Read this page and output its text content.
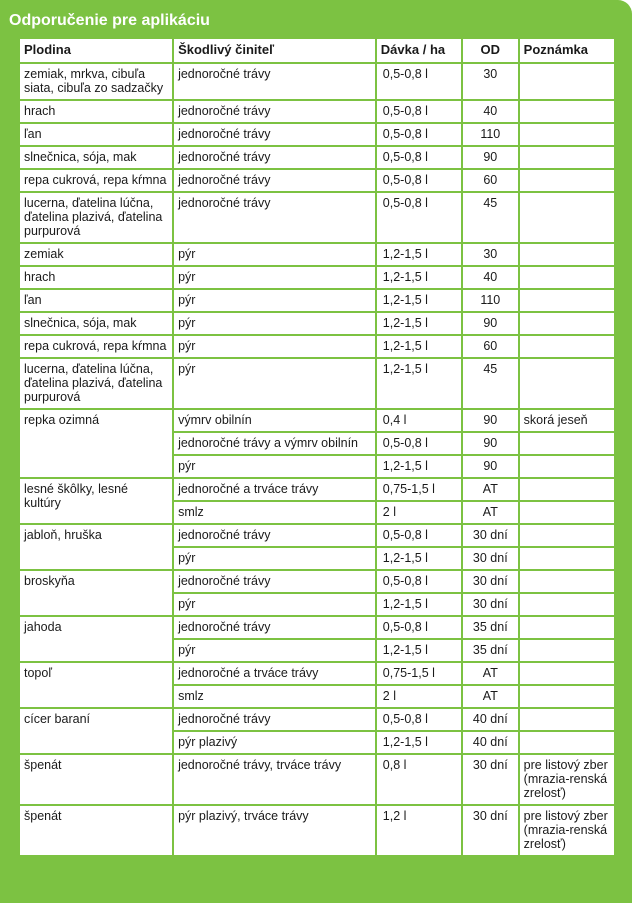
Odporučenie pre aplikáciu
Plodina	Škodlivý činiteľ	Dávka / ha	OD	Poznámka
zemiak, mrkva, cibuľa siata, cibuľa zo sadzačky	jednoročné trávy	0,5-0,8 l	30	
hrach	jednoročné trávy	0,5-0,8 l	40	
ľan	jednoročné trávy	0,5-0,8 l	110	
slnečnica, sója, mak	jednoročné trávy	0,5-0,8 l	90	
repa cukrová, repa kŕmna	jednoročné trávy	0,5-0,8 l	60	
lucerna, ďatelina lúčna, ďatelina plazivá, ďatelina purpurová	jednoročné trávy	0,5-0,8 l	45	
zemiak	pýr	1,2-1,5 l	30	
hrach	pýr	1,2-1,5 l	40	
ľan	pýr	1,2-1,5 l	110	
slnečnica, sója, mak	pýr	1,2-1,5 l	90	
repa cukrová, repa kŕmna	pýr	1,2-1,5 l	60	
lucerna, ďatelina lúčna, ďatelina plazivá, ďatelina purpurová	pýr	1,2-1,5 l	45	
repka ozimná	výmrv obilnín	0,4 l	90	skorá jeseň
	jednoročné trávy a výmrv obilnín	0,5-0,8 l	90	
	pýr	1,2-1,5 l	90	
lesné škôlky, lesné kultúry	jednoročné a trváce trávy	0,75-1,5 l	AT	
	smlz	2 l	AT	
jabloň, hruška	jednoročné trávy	0,5-0,8 l	30 dní	
	pýr	1,2-1,5 l	30 dní	
broskyňa	jednoročné trávy	0,5-0,8 l	30 dní	
	pýr	1,2-1,5 l	30 dní	
jahoda	jednoročné trávy	0,5-0,8 l	35 dní	
	pýr	1,2-1,5 l	35 dní	
topoľ	jednoročné a trváce trávy	0,75-1,5 l	AT	
	smlz	2 l	AT	
cícer baraní	jednoročné trávy	0,5-0,8 l	40 dní	
	pýr plazivý	1,2-1,5 l	40 dní	
špenát	jednoročné trávy, trváce trávy	0,8 l	30 dní	pre listový zber (mrazia-renská zrelosť)
špenát	pýr plazivý, trváce trávy	1,2 l	30 dní	pre listový zber (mrazia-renská zrelosť)
